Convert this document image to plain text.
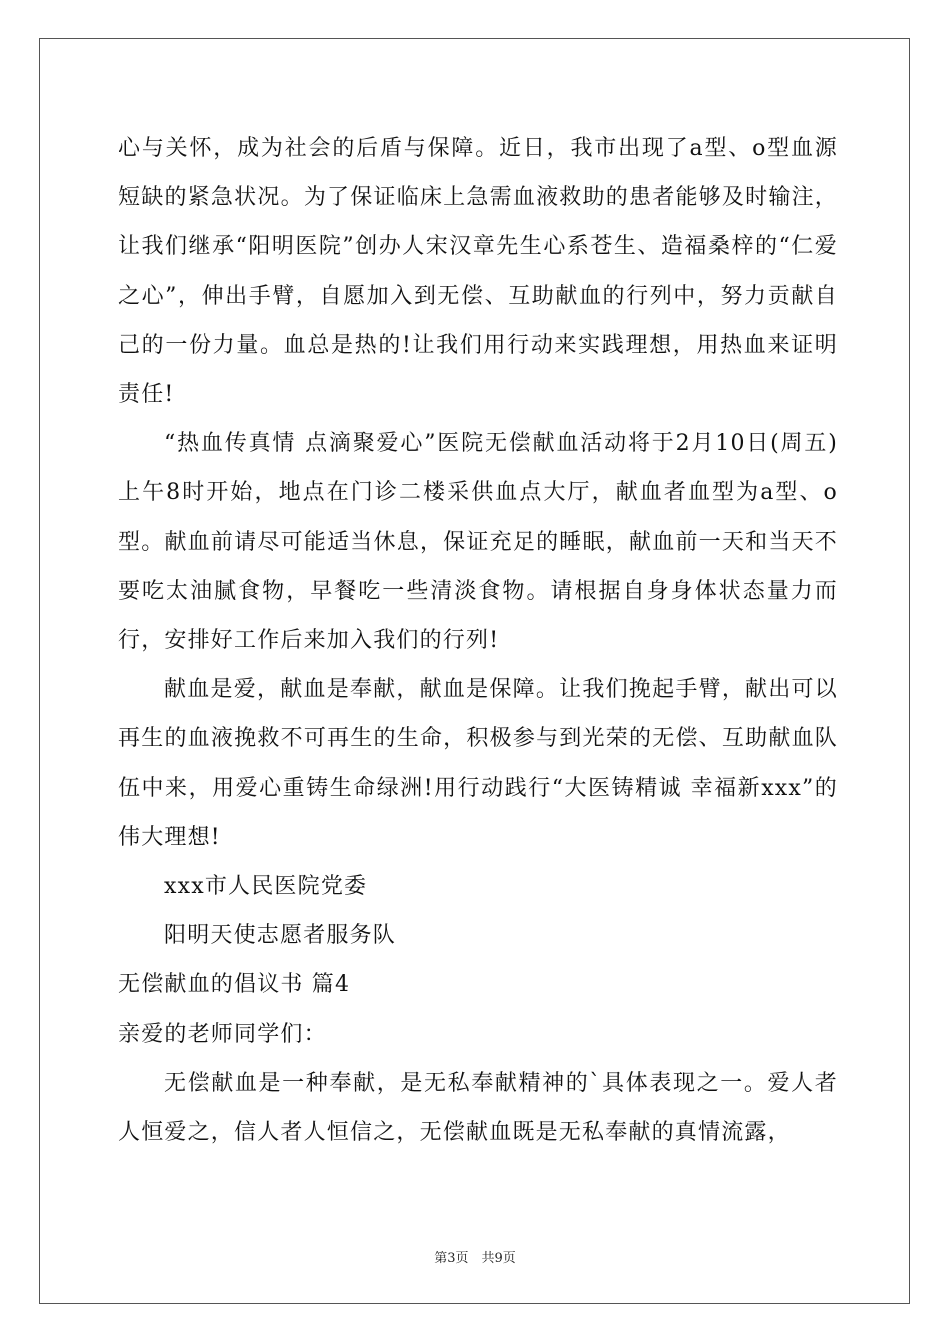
心与关怀，成为社会的后盾与保障。近日，我市出现了a型、o型血源短缺的紧急状况。为了保证临床上急需血液救助的患者能够及时输注，让我们继承“阳明医院”创办人宋汉章先生心系苍生、造福桑梓的“仁爱之心”，伸出手臂，自愿加入到无偿、互助献血的行列中，努力贡献自己的一份力量。血总是热的!让我们用行动来实践理想，用热血来证明责任!

“热血传真情 点滴聚爱心”医院无偿献血活动将于2月10日(周五)上午8时开始，地点在门诊二楼采供血点大厅，献血者血型为a型、o型。献血前请尽可能适当休息，保证充足的睡眠，献血前一天和当天不要吃太油腻食物，早餐吃一些清淡食物。请根据自身身体状态量力而行，安排好工作后来加入我们的行列!

献血是爱，献血是奉献，献血是保障。让我们挽起手臂，献出可以再生的血液挽救不可再生的生命，积极参与到光荣的无偿、互助献血队伍中来，用爱心重铸生命绿洲!用行动践行“大医铸精诚 幸福新xxx”的伟大理想!

xxx市人民医院党委

阳明天使志愿者服务队

无偿献血的倡议书 篇4

亲爱的老师同学们：

无偿献血是一种奉献，是无私奉献精神的`具体表现之一。爱人者人恒爱之，信人者人恒信之，无偿献血既是无私奉献的真情流露，

第3页　共9页
